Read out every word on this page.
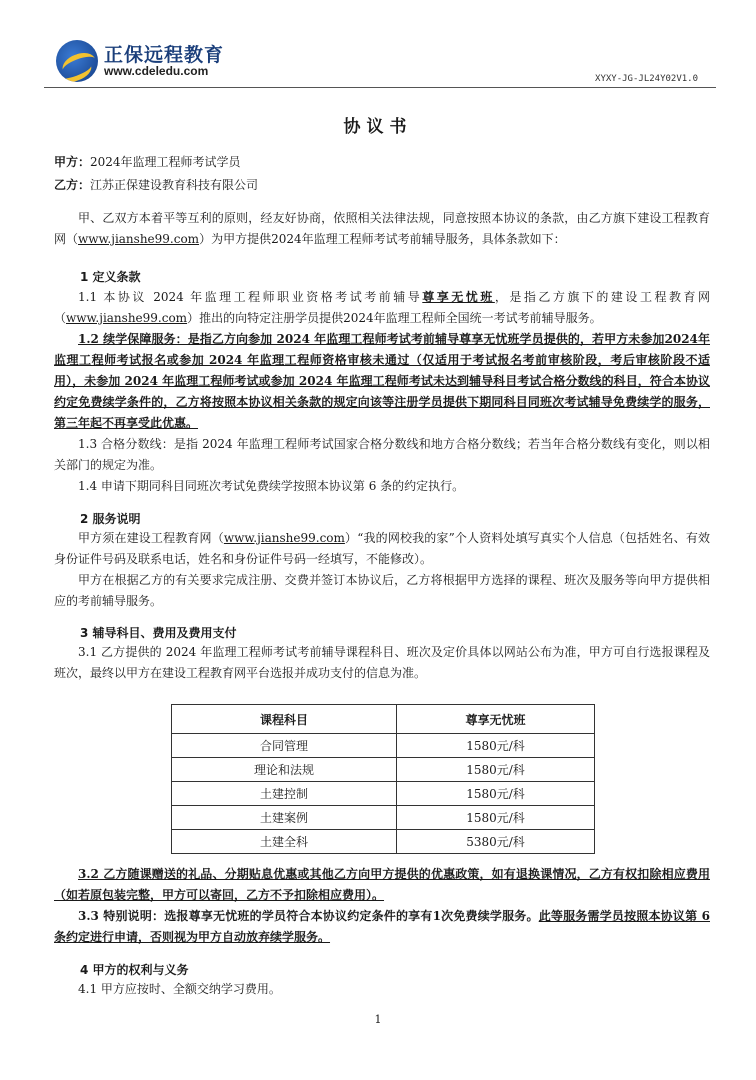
正保远程教育
www.cdeledu.com
XYXY-JG-JL24Y02V1.0
协议书
甲方：2024年监理工程师考试学员
乙方：江苏正保建设教育科技有限公司
甲、乙双方本着平等互利的原则，经友好协商，依照相关法律法规，同意按照本协议的条款，由乙方旗下建设工程教育网（www.jianshe99.com）为甲方提供2024年监理工程师考试考前辅导服务，具体条款如下：
1 定义条款
1.1 本协议 2024 年监理工程师职业资格考试考前辅导尊享无忧班，是指乙方旗下的建设工程教育网（www.jianshe99.com）推出的向特定注册学员提供2024年监理工程师全国统一考试考前辅导服务。
1.2 续学保障服务：是指乙方向参加 2024 年监理工程师考试考前辅导尊享无忧班学员提供的，若甲方未参加2024年监理工程师考试报名或参加 2024 年监理工程师资格审核未通过（仅适用于考试报名考前审核阶段，考后审核阶段不适用），未参加 2024 年监理工程师考试或参加 2024 年监理工程师考试未达到辅导科目考试合格分数线的科目，符合本协议约定免费续学条件的，乙方将按照本协议相关条款的规定向该等注册学员提供下期同科目同班次考试辅导免费续学的服务，第三年起不再享受此优惠。
1.3 合格分数线：是指 2024 年监理工程师考试国家合格分数线和地方合格分数线；若当年合格分数线有变化，则以相关部门的规定为准。
1.4 申请下期同科目同班次考试免费续学按照本协议第 6 条的约定执行。
2 服务说明
甲方须在建设工程教育网（www.jianshe99.com）“我的网校我的家”个人资料处填写真实个人信息（包括姓名、有效身份证件号码及联系电话，姓名和身份证件号码一经填写，不能修改）。
甲方在根据乙方的有关要求完成注册、交费并签订本协议后，乙方将根据甲方选择的课程、班次及服务等向甲方提供相应的考前辅导服务。
3 辅导科目、费用及费用支付
3.1 乙方提供的 2024 年监理工程师考试考前辅导课程科目、班次及定价具体以网站公布为准，甲方可自行选报课程及班次，最终以甲方在建设工程教育网平台选报并成功支付的信息为准。
课程科目	尊享无忧班
合同管理	1580元/科
理论和法规	1580元/科
土建控制	1580元/科
土建案例	1580元/科
土建全科	5380元/科
3.2 乙方随课赠送的礼品、分期贴息优惠或其他乙方向甲方提供的优惠政策，如有退换课情况，乙方有权扣除相应费用（如若原包装完整，甲方可以寄回，乙方不予扣除相应费用）。
3.3 特别说明：选报尊享无忧班的学员符合本协议约定条件的享有1次免费续学服务。此等服务需学员按照本协议第 6 条约定进行申请，否则视为甲方自动放弃续学服务。
4 甲方的权利与义务
4.1 甲方应按时、全额交纳学习费用。
1
